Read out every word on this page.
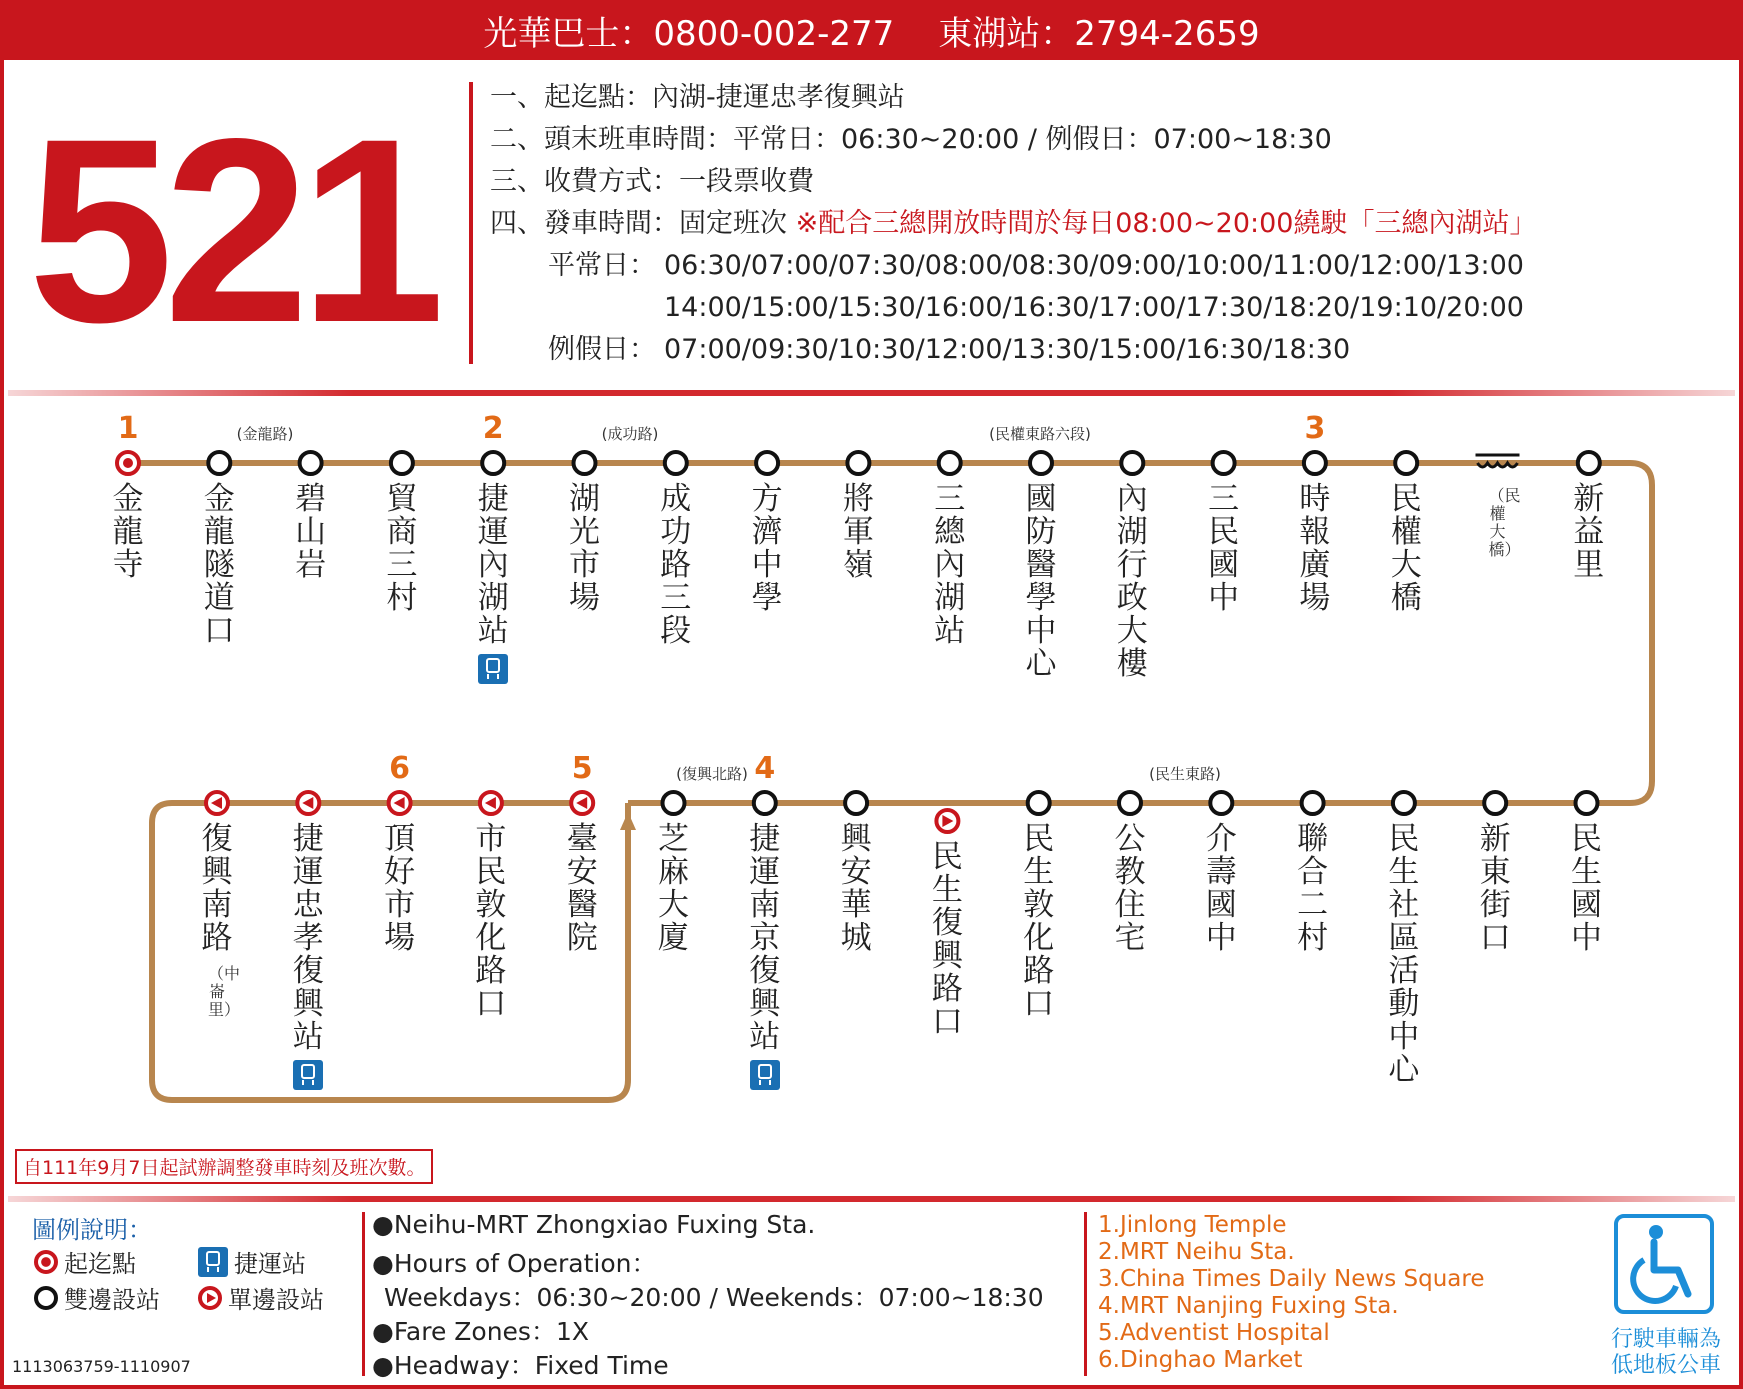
光華巴士：0800-002-277 東湖站：2794-2659
521 一、起迄點：內湖-捷運忠孝復興站
二、頭末班車時間：平常日：06:30~20:00 / 例假日：07:00~18:30
三、收費方式：一段票收費
四、發車時間：固定班次 ※配合三總開放時間於每日08:00~20:00繞駛「三總內湖站」
平常日： 06:30/07:00/07:30/08:00/08:30/09:00/10:00/11:00/12:00/13:00
14:00/15:00/15:30/16:00/16:30/17:00/17:30/18:20/19:10/20:00
例假日： 07:00/09:30/10:30/12:00/13:30/15:00/16:30/18:30
1
金龍寺
金龍隧道口
碧山岩
貿商三村
2
捷運內湖站
湖光市場
成功路三段
方濟中學
將軍嶺
三總內湖站
國防醫學中心
內湖行政大樓
三民國中
3
時報廣場
民權大橋
（民權大橋）
新益里
復興南路
（中崙里）
捷運忠孝復興站
6
頂好市場
市民敦化路口
5
臺安醫院
芝麻大廈
4
捷運南京復興站
興安華城
民生復興路口
民生敦化路口
公教住宅
介壽國中
聯合二村
民生社區活動中心
新東街口
民生國中
(金龍路)	(成功路)	(民權東路六段)
(復興北路)	(民生東路)
自111年9月7日起試辦調整發車時刻及班次數。
圖例說明：
起迄點
雙邊設站
捷運站
單邊設站
●Neihu-MRT Zhongxiao Fuxing Sta.
●Hours of Operation：
Weekdays：06:30~20:00 / Weekends：07:00~18:30
●Fare Zones：1X
●Headway：Fixed Time
1.Jinlong Temple
2.MRT Neihu Sta.
3.China Times Daily News Square
4.MRT Nanjing Fuxing Sta.
5.Adventist Hospital
6.Dinghao Market
1113063759-1110907
行駛車輛為低地板公車
